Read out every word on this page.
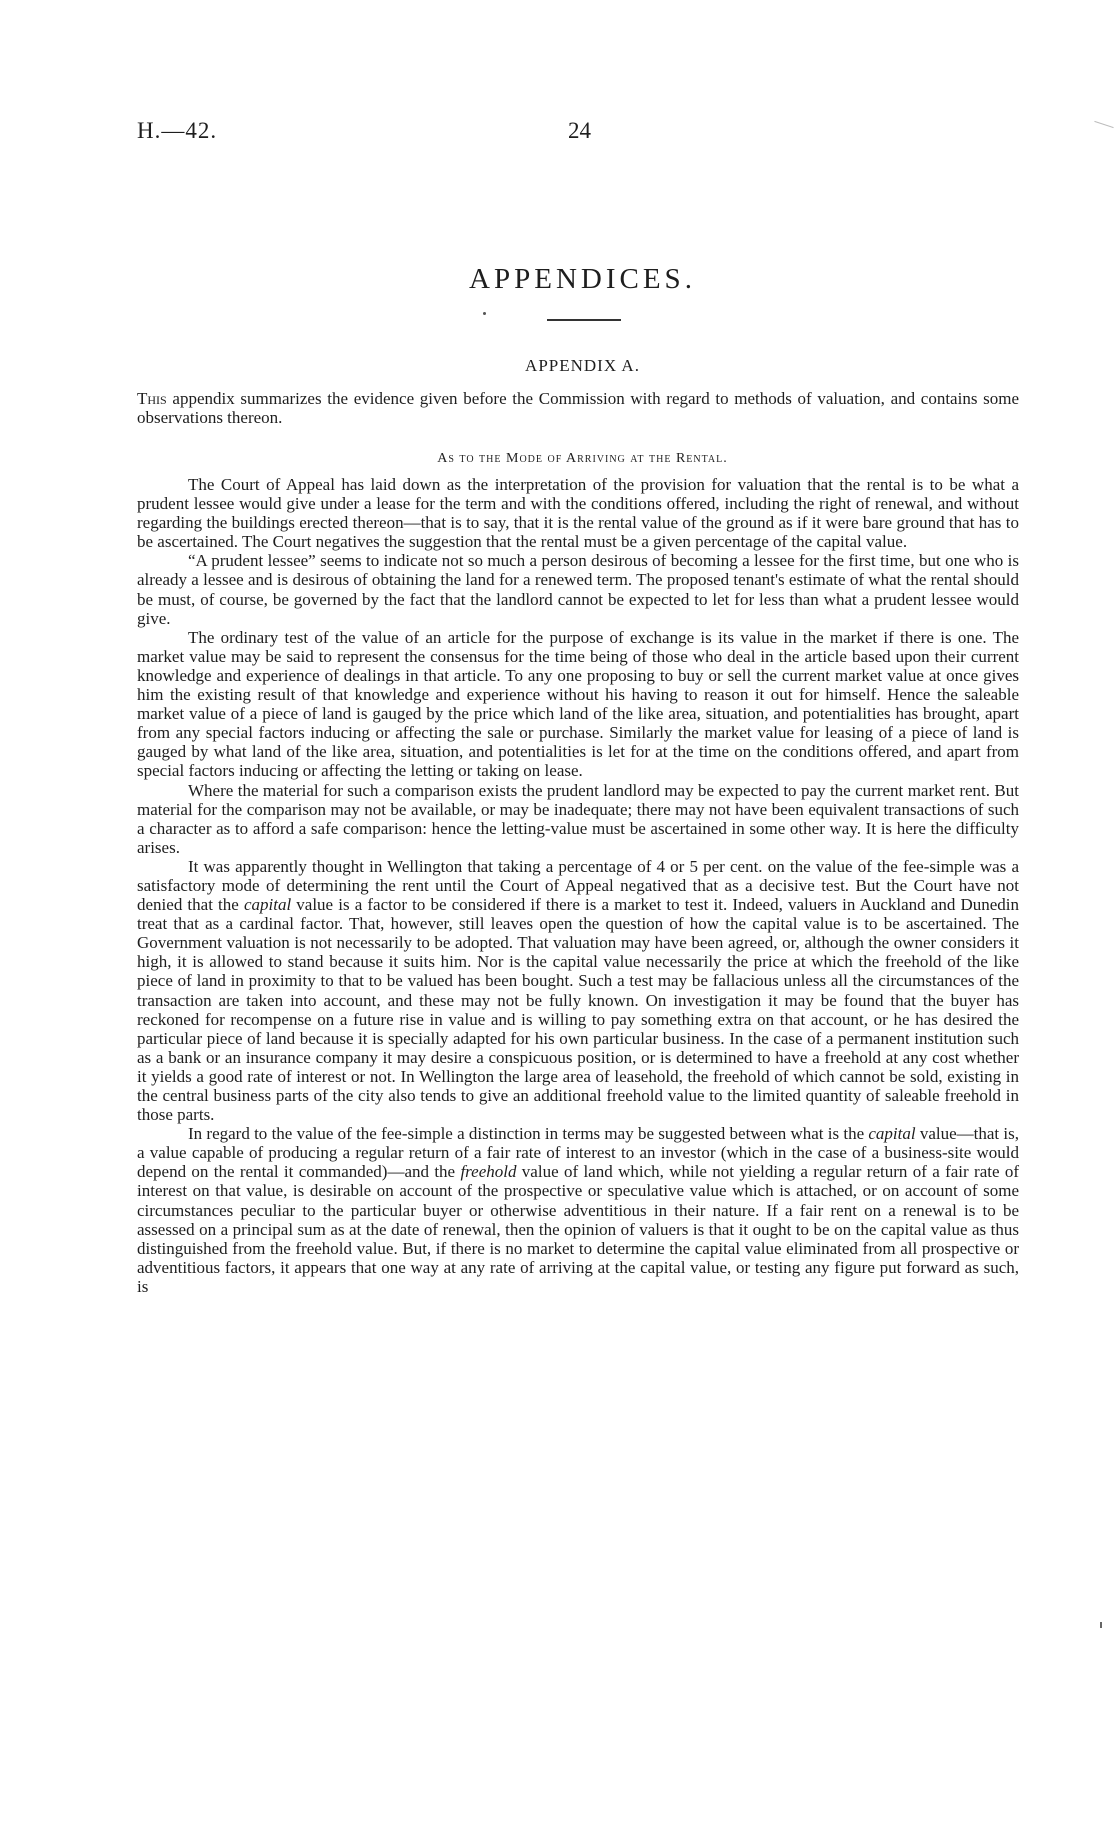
H.—42.	24
APPENDICES.
APPENDIX A.

This appendix summarizes the evidence given before the Commission with regard to methods of valuation, and contains some observations thereon.

As to the Mode of Arriving at the Rental.

The Court of Appeal has laid down as the interpretation of the provision for valuation that the rental is to be what a prudent lessee would give under a lease for the term and with the conditions offered, including the right of renewal, and without regarding the buildings erected thereon—that is to say, that it is the rental value of the ground as if it were bare ground that has to be ascertained. The Court negatives the suggestion that the rental must be a given percentage of the capital value.

“A prudent lessee” seems to indicate not so much a person desirous of becoming a lessee for the first time, but one who is already a lessee and is desirous of obtaining the land for a renewed term. The proposed tenant's estimate of what the rental should be must, of course, be governed by the fact that the landlord cannot be expected to let for less than what a prudent lessee would give.

The ordinary test of the value of an article for the purpose of exchange is its value in the market if there is one. The market value may be said to represent the consensus for the time being of those who deal in the article based upon their current knowledge and experience of dealings in that article. To any one proposing to buy or sell the current market value at once gives him the existing result of that knowledge and experience without his having to reason it out for himself. Hence the saleable market value of a piece of land is gauged by the price which land of the like area, situation, and potentialities has brought, apart from any special factors inducing or affecting the sale or purchase. Similarly the market value for leasing of a piece of land is gauged by what land of the like area, situation, and potentialities is let for at the time on the conditions offered, and apart from special factors inducing or affecting the letting or taking on lease.

Where the material for such a comparison exists the prudent landlord may be expected to pay the current market rent. But material for the comparison may not be available, or may be inadequate; there may not have been equivalent transactions of such a character as to afford a safe comparison: hence the letting-value must be ascertained in some other way. It is here the difficulty arises.

It was apparently thought in Wellington that taking a percentage of 4 or 5 per cent. on the value of the fee-simple was a satisfactory mode of determining the rent until the Court of Appeal negatived that as a decisive test. But the Court have not denied that the capital value is a factor to be considered if there is a market to test it. Indeed, valuers in Auckland and Dunedin treat that as a cardinal factor. That, however, still leaves open the question of how the capital value is to be ascertained. The Government valuation is not necessarily to be adopted. That valuation may have been agreed, or, although the owner considers it high, it is allowed to stand because it suits him. Nor is the capital value necessarily the price at which the freehold of the like piece of land in proximity to that to be valued has been bought. Such a test may be fallacious unless all the circumstances of the transaction are taken into account, and these may not be fully known. On investigation it may be found that the buyer has reckoned for recompense on a future rise in value and is willing to pay something extra on that account, or he has desired the particular piece of land because it is specially adapted for his own particular business. In the case of a permanent institution such as a bank or an insurance company it may desire a conspicuous position, or is determined to have a freehold at any cost whether it yields a good rate of interest or not. In Wellington the large area of leasehold, the freehold of which cannot be sold, existing in the central business parts of the city also tends to give an additional freehold value to the limited quantity of saleable freehold in those parts.

In regard to the value of the fee-simple a distinction in terms may be suggested between what is the capital value—that is, a value capable of producing a regular return of a fair rate of interest to an investor (which in the case of a business-site would depend on the rental it commanded)—and the freehold value of land which, while not yielding a regular return of a fair rate of interest on that value, is desirable on account of the prospective or speculative value which is attached, or on account of some circumstances peculiar to the particular buyer or otherwise adventitious in their nature. If a fair rent on a renewal is to be assessed on a principal sum as at the date of renewal, then the opinion of valuers is that it ought to be on the capital value as thus distinguished from the freehold value. But, if there is no market to determine the capital value eliminated from all prospective or adventitious factors, it appears that one way at any rate of arriving at the capital value, or testing any figure put forward as such, is
